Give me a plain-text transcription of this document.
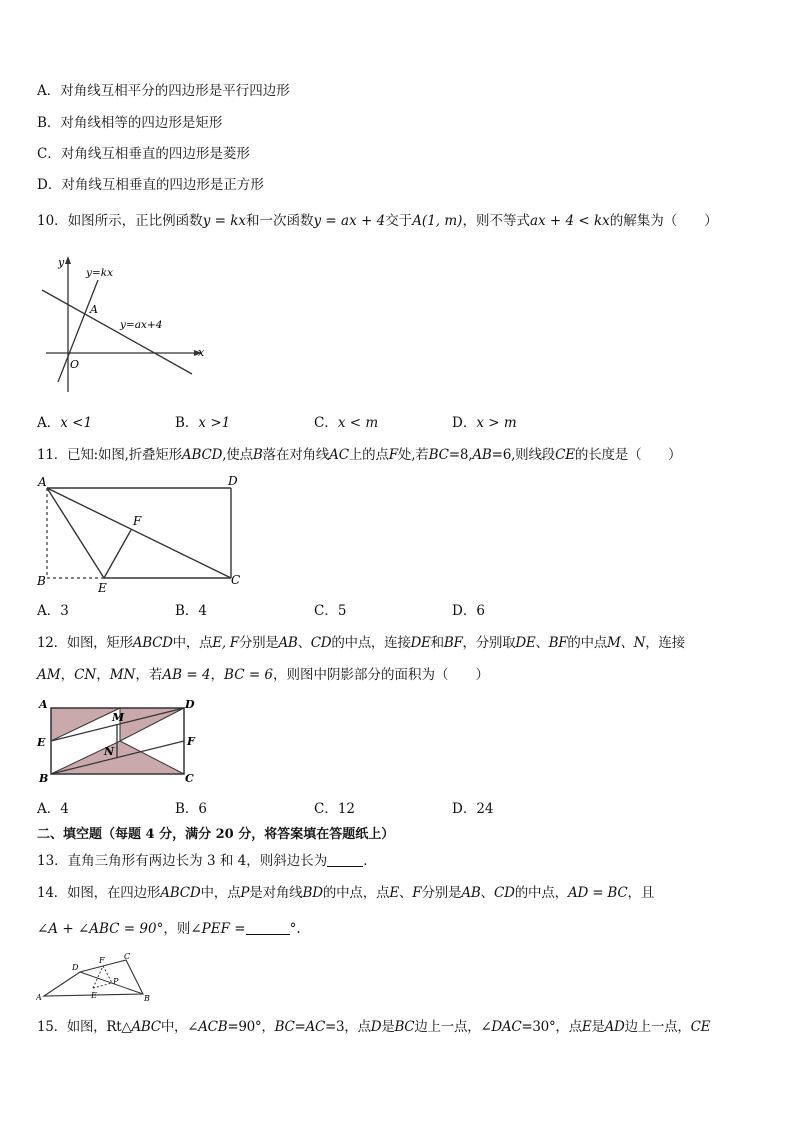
A．对角线互相平分的四边形是平行四边形
B．对角线相等的四边形是矩形
C．对角线互相垂直的四边形是菱形
D．对角线互相垂直的四边形是正方形
10．如图所示，正比例函数y = kx和一次函数y = ax + 4交于A(1, m)，则不等式ax + 4 < kx的解集为（　　）
y
x
O
A
y=kx
y=ax+4
A．x <1	B．x >1	C．x < m	D．x > m
11．已知:如图,折叠矩形ABCD,使点B落在对角线AC上的点F处,若BC=8,AB=6,则线段CE的长度是（　　）
A	D
B	C
E
F
A．3	B．4	C．5	D．6
12．如图，矩形ABCD中，点E, F分别是AB、CD的中点，连接DE和BF，分别取DE、BF的中点M、N，连接
AM，CN，MN，若AB = 4，BC = 6，则图中阴影部分的面积为（　　）
A	D
E	F
B	C
M
N
A．4	B．6	C．12	D．24
二、填空题（每题 4 分，满分 20 分，将答案填在答题纸上）
13．直角三角形有两边长为 3 和 4，则斜边长为	．
14．如图，在四边形ABCD中，点P是对角线BD的中点，点E、F分别是AB、CD的中点，AD = BC，且
∠A + ∠ABC = 90°，则∠PEF =	°.
A	B
C
D
E
F
P
15．如图，Rt△ABC中，∠ACB=90°，BC=AC=3，点D是BC边上一点，∠DAC=30°，点E是AD边上一点，CE
